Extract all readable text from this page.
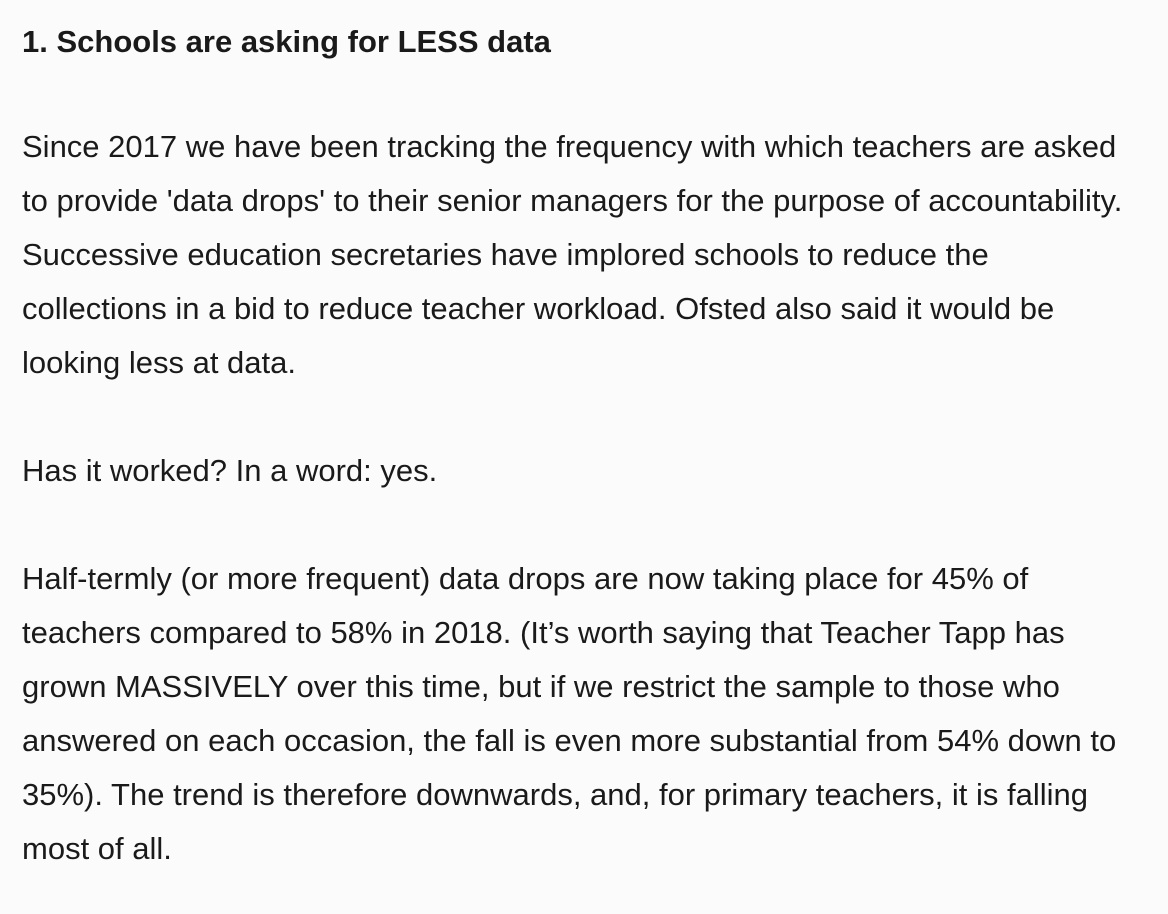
1. Schools are asking for LESS data

Since 2017 we have been tracking the frequency with which teachers are asked to provide 'data drops' to their senior managers for the purpose of accountability. Successive education secretaries have implored schools to reduce the collections in a bid to reduce teacher workload. Ofsted also said it would be looking less at data.

Has it worked? In a word: yes.

Half-termly (or more frequent) data drops are now taking place for 45% of teachers compared to 58% in 2018. (It’s worth saying that Teacher Tapp has grown MASSIVELY over this time, but if we restrict the sample to those who answered on each occasion, the fall is even more substantial from 54% down to 35%). The trend is therefore downwards, and, for primary teachers, it is falling most of all.
